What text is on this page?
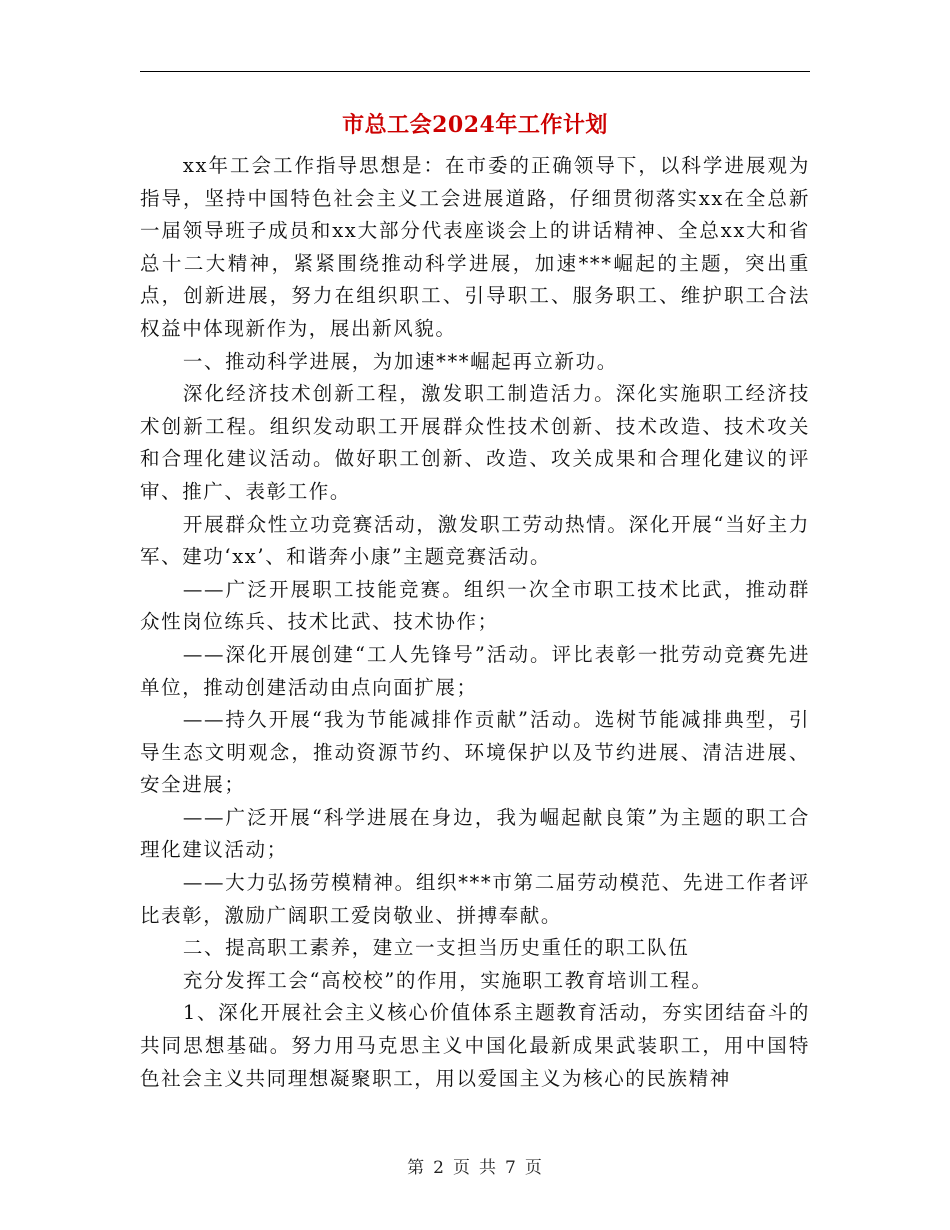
市总工会2024年工作计划

xx年工会工作指导思想是：在市委的正确领导下，以科学进展观为指导，坚持中国特色社会主义工会进展道路，仔细贯彻落实xx在全总新一届领导班子成员和xx大部分代表座谈会上的讲话精神、全总xx大和省总十二大精神，紧紧围绕推动科学进展，加速***崛起的主题，突出重点，创新进展，努力在组织职工、引导职工、服务职工、维护职工合法权益中体现新作为，展出新风貌。

一、推动科学进展，为加速***崛起再立新功。

深化经济技术创新工程，激发职工制造活力。深化实施职工经济技术创新工程。组织发动职工开展群众性技术创新、技术改造、技术攻关和合理化建议活动。做好职工创新、改造、攻关成果和合理化建议的评审、推广、表彰工作。

开展群众性立功竞赛活动，激发职工劳动热情。深化开展“当好主力军、建功‘xx’、和谐奔小康”主题竞赛活动。

——广泛开展职工技能竞赛。组织一次全市职工技术比武，推动群众性岗位练兵、技术比武、技术协作；

——深化开展创建“工人先锋号”活动。评比表彰一批劳动竞赛先进单位，推动创建活动由点向面扩展；

——持久开展“我为节能减排作贡献”活动。选树节能减排典型，引导生态文明观念，推动资源节约、环境保护以及节约进展、清洁进展、安全进展；

——广泛开展“科学进展在身边，我为崛起献良策”为主题的职工合理化建议活动；

——大力弘扬劳模精神。组织***市第二届劳动模范、先进工作者评比表彰，激励广阔职工爱岗敬业、拼搏奉献。

二、提高职工素养，建立一支担当历史重任的职工队伍

充分发挥工会“高校校”的作用，实施职工教育培训工程。

1、深化开展社会主义核心价值体系主题教育活动，夯实团结奋斗的共同思想基础。努力用马克思主义中国化最新成果武装职工，用中国特色社会主义共同理想凝聚职工，用以爱国主义为核心的民族精神

第 2 页 共 7 页
